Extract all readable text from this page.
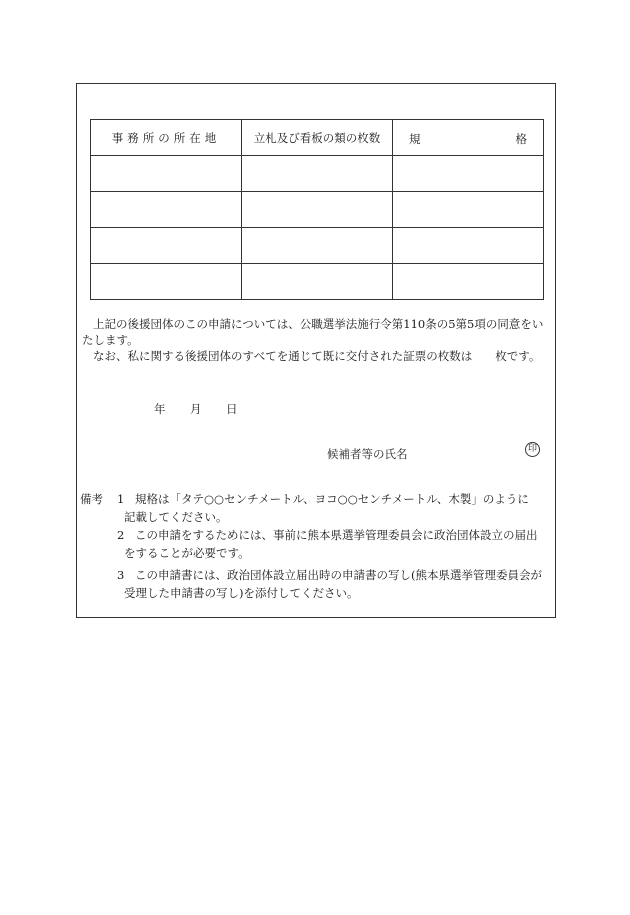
事務所の所在地	立札及び看板の類の枚数	規 格

上記の後援団体のこの申請については、公職選挙法施行令第110条の5第5項の同意をいたします。
なお、私に関する後援団体のすべてを通じて既に交付された証票の枚数は　　枚です。
年 月 日
候補者等の氏名	印
備考 1 規格は「タテ○○センチメートル、ヨコ○○センチメートル、木製」のように
記載してください。
2 この申請をするためには、事前に熊本県選挙管理委員会に政治団体設立の届出
をすることが必要です。
3 この申請書には、政治団体設立届出時の申請書の写し(熊本県選挙管理委員会が
受理した申請書の写し)を添付してください。
